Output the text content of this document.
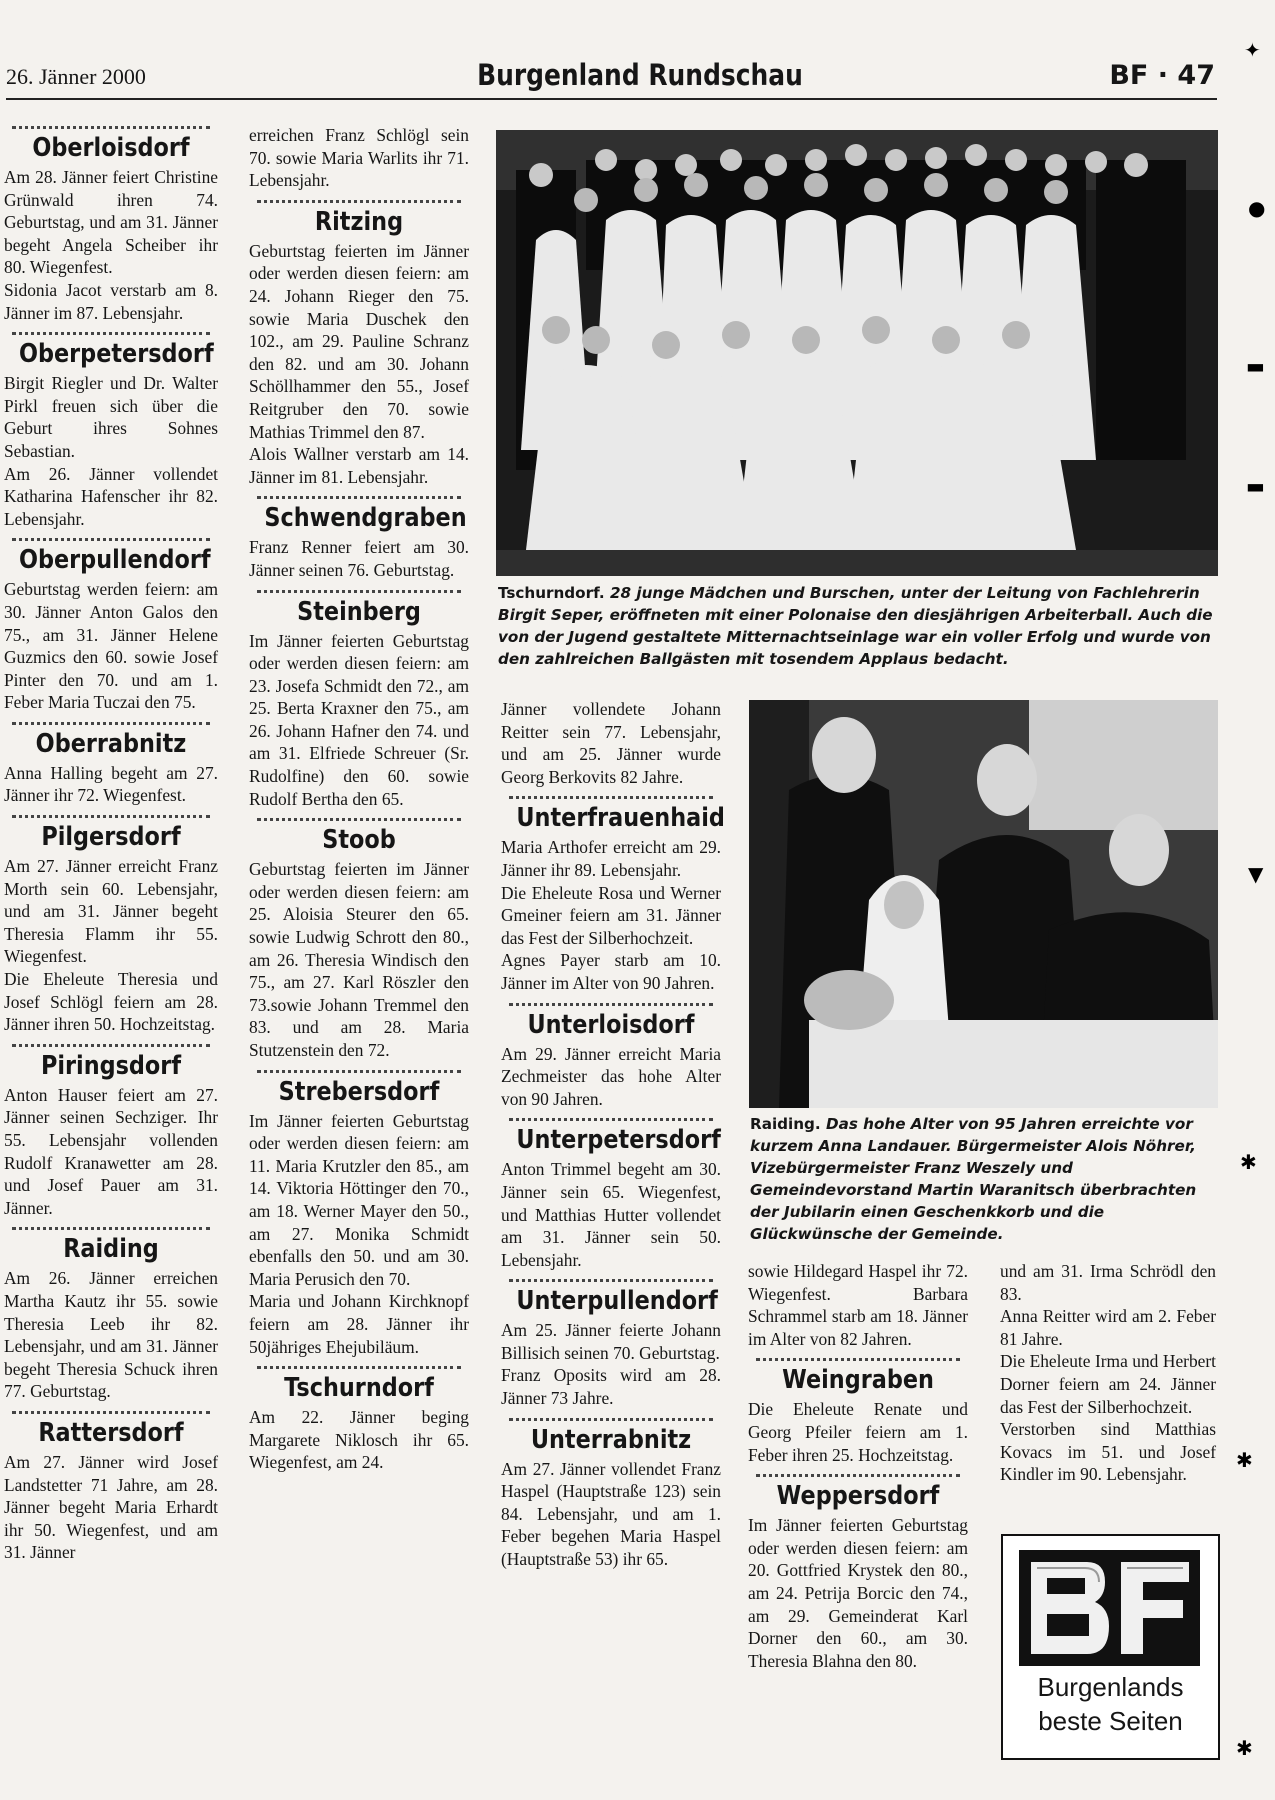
26. Jänner 2000	Burgenland Rundschau	BF · 47
Oberloisdorf

Am 28. Jänner feiert Christine Grünwald ihren 74. Geburtstag, und am 31. Jänner begeht Angela Scheiber ihr 80. Wiegenfest.

Sidonia Jacot verstarb am 8. Jänner im 87. Lebensjahr.

Oberpetersdorf

Birgit Riegler und Dr. Walter Pirkl freuen sich über die Geburt ihres Sohnes Sebastian.

Am 26. Jänner vollendet Katharina Hafenscher ihr 82. Lebensjahr.

Oberpullendorf

Geburtstag werden feiern: am 30. Jänner Anton Galos den 75., am 31. Jänner Helene Guzmics den 60. sowie Josef Pinter den 70. und am 1. Feber Maria Tuczai den 75.

Oberrabnitz

Anna Halling begeht am 27. Jänner ihr 72. Wiegenfest.

Pilgersdorf

Am 27. Jänner erreicht Franz Morth sein 60. Lebensjahr, und am 31. Jänner begeht Theresia Flamm ihr 55. Wiegenfest.

Die Eheleute Theresia und Josef Schlögl feiern am 28. Jänner ihren 50. Hochzeitstag.

Piringsdorf

Anton Hauser feiert am 27. Jänner seinen Sechziger. Ihr 55. Lebensjahr vollenden Rudolf Kranawetter am 28. und Josef Pauer am 31. Jänner.

Raiding

Am 26. Jänner erreichen Martha Kautz ihr 55. sowie Theresia Leeb ihr 82. Lebensjahr, und am 31. Jänner begeht Theresia Schuck ihren 77. Geburtstag.

Rattersdorf

Am 27. Jänner wird Josef Landstetter 71 Jahre, am 28. Jänner begeht Maria Erhardt ihr 50. Wiegenfest, und am 31. Jänner

erreichen Franz Schlögl sein 70. sowie Maria Warlits ihr 71. Lebensjahr.

Ritzing

Geburtstag feierten im Jänner oder werden diesen feiern: am 24. Johann Rieger den 75. sowie Maria Duschek den 102., am 29. Pauline Schranz den 82. und am 30. Johann Schöllhammer den 55., Josef Reitgruber den 70. sowie Mathias Trimmel den 87.

Alois Wallner verstarb am 14. Jänner im 81. Lebensjahr.

Schwendgraben

Franz Renner feiert am 30. Jänner seinen 76. Geburtstag.

Steinberg

Im Jänner feierten Geburtstag oder werden diesen feiern: am 23. Josefa Schmidt den 72., am 25. Berta Kraxner den 75., am 26. Johann Hafner den 74. und am 31. Elfriede Schreuer (Sr. Rudolfine) den 60. sowie Rudolf Bertha den 65.

Stoob

Geburtstag feierten im Jänner oder werden diesen feiern: am 25. Aloisia Steurer den 65. sowie Ludwig Schrott den 80., am 26. Theresia Windisch den 75., am 27. Karl Röszler den 73.sowie Johann Tremmel den 83. und am 28. Maria Stutzenstein den 72.

Strebersdorf

Im Jänner feierten Geburtstag oder werden diesen feiern: am 11. Maria Krutzler den 85., am 14. Viktoria Höttinger den 70., am 18. Werner Mayer den 50., am 27. Monika Schmidt ebenfalls den 50. und am 30. Maria Perusich den 70.

Maria und Johann Kirchknopf feiern am 28. Jänner ihr 50jähriges Ehejubiläum.

Tschurndorf

Am 22. Jänner beging Margarete Niklosch ihr 65. Wiegenfest, am 24.

Tschurndorf. 28 junge Mädchen und Burschen, unter der Leitung von Fachlehrerin Birgit Seper, eröffneten mit einer Polonaise den diesjährigen Arbeiterball. Auch die von der Jugend gestaltete Mitternachtseinlage war ein voller Erfolg und wurde von den zahlreichen Ballgästen mit tosendem Applaus bedacht.

Jänner vollendete Johann Reitter sein 77. Lebensjahr, und am 25. Jänner wurde Georg Berkovits 82 Jahre.

Unterfrauenhaid

Maria Arthofer erreicht am 29. Jänner ihr 89. Lebensjahr.

Die Eheleute Rosa und Werner Gmeiner feiern am 31. Jänner das Fest der Silberhochzeit.

Agnes Payer starb am 10. Jänner im Alter von 90 Jahren.

Unterloisdorf

Am 29. Jänner erreicht Maria Zechmeister das hohe Alter von 90 Jahren.

Unterpetersdorf

Anton Trimmel begeht am 30. Jänner sein 65. Wiegenfest, und Matthias Hutter vollendet am 31. Jänner sein 50. Lebensjahr.

Unterpullendorf

Am 25. Jänner feierte Johann Billisich seinen 70. Geburtstag.

Franz Oposits wird am 28. Jänner 73 Jahre.

Unterrabnitz

Am 27. Jänner vollendet Franz Haspel (Hauptstraße 123) sein 84. Lebensjahr, und am 1. Feber begehen Maria Haspel (Hauptstraße 53) ihr 65.

Raiding. Das hohe Alter von 95 Jahren erreichte vor kurzem Anna Landauer. Bürgermeister Alois Nöhrer, Vizebürgermeister Franz Weszely und Gemeindevorstand Martin Waranitsch überbrachten der Jubilarin einen Geschenkkorb und die Glückwünsche der Gemeinde.

sowie Hildegard Haspel ihr 72. Wiegenfest. Barbara Schrammel starb am 18. Jänner im Alter von 82 Jahren.

Weingraben

Die Eheleute Renate und Georg Pfeiler feiern am 1. Feber ihren 25. Hochzeitstag.

Weppersdorf

Im Jänner feierten Geburtstag oder werden diesen feiern: am 20. Gottfried Krystek den 80., am 24. Petrija Borcic den 74., am 29. Gemeinderat Karl Dorner den 60., am 30. Theresia Blahna den 80.

und am 31. Irma Schrödl den 83.

Anna Reitter wird am 2. Feber 81 Jahre.

Die Eheleute Irma und Herbert Dorner feiern am 24. Jänner das Fest der Silberhochzeit.

Verstorben sind Matthias Kovacs im 51. und Josef Kindler im 90. Lebensjahr.

Burgenlands
beste Seiten
✦
●
▬
▬
▼
✱
✱
✱
